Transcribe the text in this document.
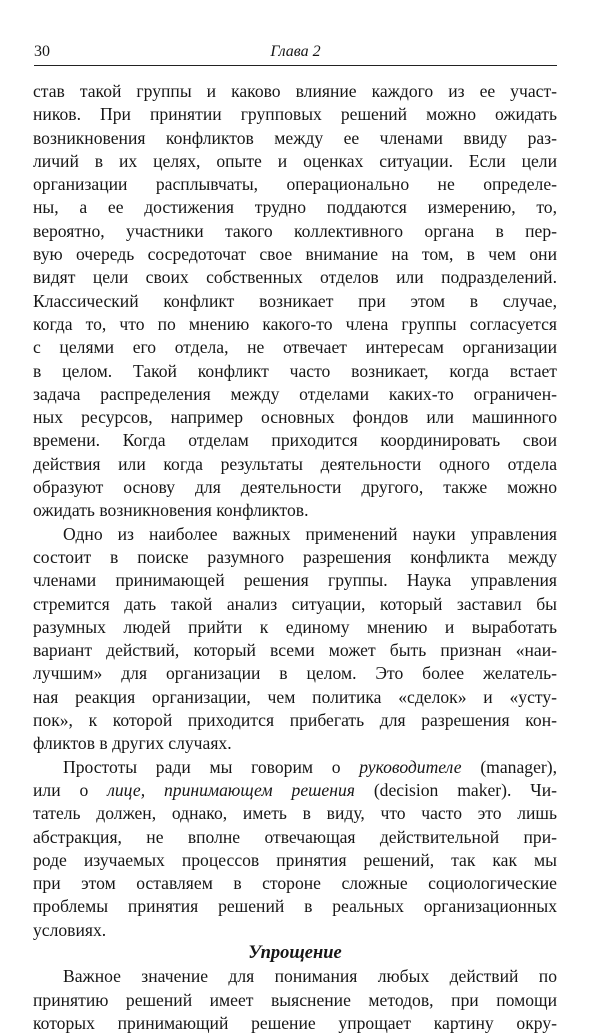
30	Глава 2
став такой группы и каково влияние каждого из ее участ-
ников. При принятии групповых решений можно ожидать
возникновения конфликтов между ее членами ввиду раз-
личий в их целях, опыте и оценках ситуации. Если цели
организации расплывчаты, операционально не определе-
ны, а ее достижения трудно поддаются измерению, то,
вероятно, участники такого коллективного органа в пер-
вую очередь сосредоточат свое внимание на том, в чем они
видят цели своих собственных отделов или подразделений.
Классический конфликт возникает при этом в случае,
когда то, что по мнению какого-то члена группы согласуется
с целями его отдела, не отвечает интересам организации
в целом. Такой конфликт часто возникает, когда встает
задача распределения между отделами каких-то ограничен-
ных ресурсов, например основных фондов или машинного
времени. Когда отделам приходится координировать свои
действия или когда результаты деятельности одного отдела
образуют основу для деятельности другого, также можно
ожидать возникновения конфликтов.
Одно из наиболее важных применений науки управления
состоит в поиске разумного разрешения конфликта между
членами принимающей решения группы. Наука управления
стремится дать такой анализ ситуации, который заставил бы
разумных людей прийти к единому мнению и выработать
вариант действий, который всеми может быть признан «наи-
лучшим» для организации в целом. Это более желатель-
ная реакция организации, чем политика «сделок» и «усту-
пок», к которой приходится прибегать для разрешения кон-
фликтов в других случаях.
Простоты ради мы говорим о руководителе (manager),
или о лице, принимающем решения (decision maker). Чи-
татель должен, однако, иметь в виду, что часто это лишь
абстракция, не вполне отвечающая действительной при-
роде изучаемых процессов принятия решений, так как мы
при этом оставляем в стороне сложные социологические
проблемы принятия решений в реальных организационных
условиях.
Упрощение
Важное значение для понимания любых действий по
принятию решений имеет выяснение методов, при помощи
которых принимающий решение упрощает картину окру-
